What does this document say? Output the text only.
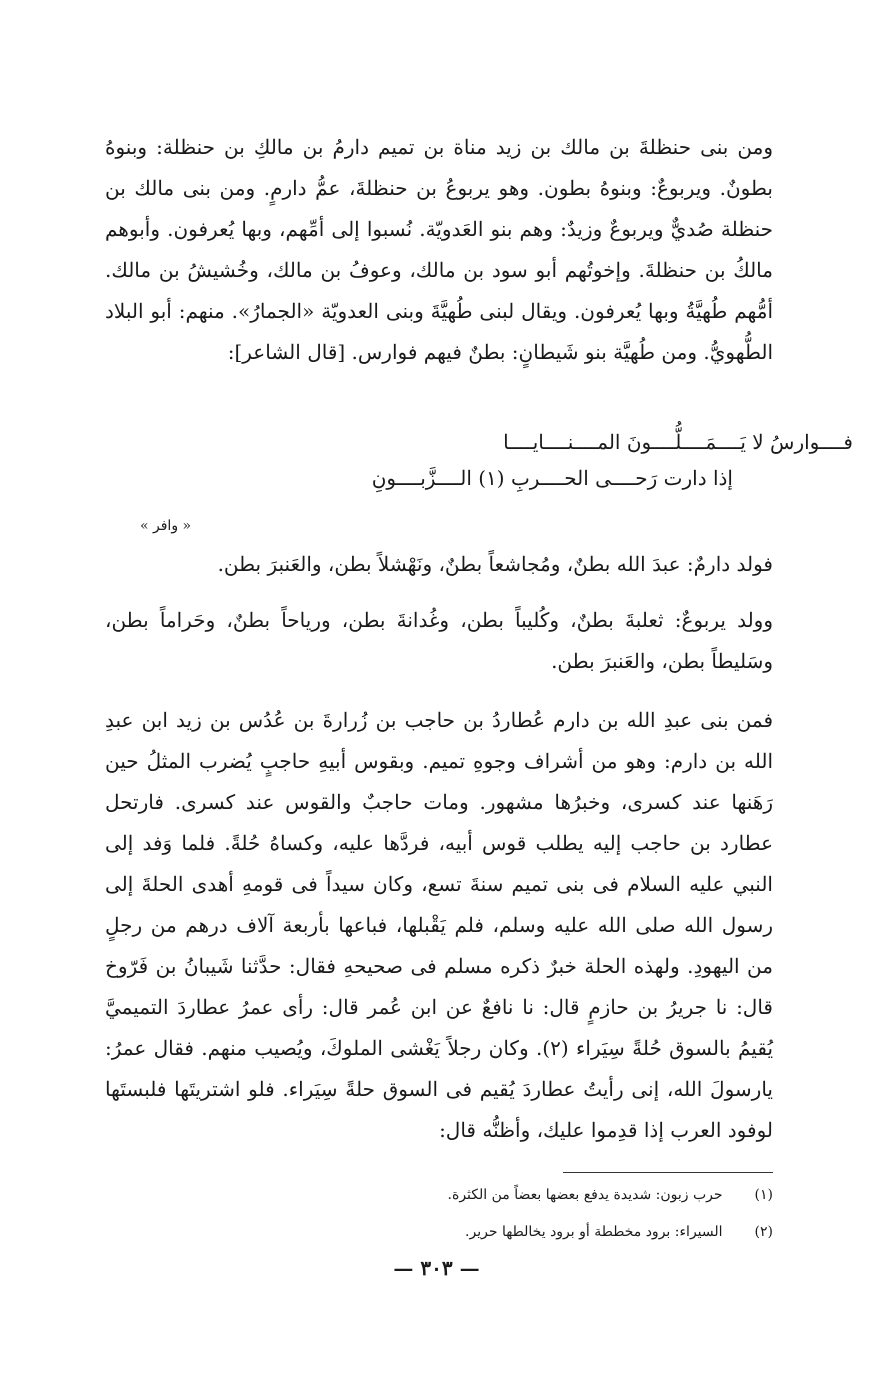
ومن بنى حنظلةَ بن مالك بن زيد مناة بن تميم دارمُ بن مالكِ بن حنظلة: وبنوهُ بطونٌ. ويربوعٌ: وبنوهُ بطون. وهو يربوعُ بن حنظلةَ، عمُّ دارمٍ. ومن بنى مالك بن حنظلة صُديٌّ ويربوعٌ وزيدٌ: وهم بنو العَدويّة. نُسبوا إلى أمِّهم، وبها يُعرفون. وأبوهم مالكُ بن حنظلةَ. وإخوتُهم أبو سود بن مالك، وعوفُ بن مالك، وخُشيشُ بن مالك. أمُّهم طُهيَّةُ وبها يُعرفون. ويقال لبنى طُهيَّةَ وبنى العدويّة «الجمارُ». منهم: أبو البلاد الطُّهويُّ. ومن طُهيَّة بنو شَيطانٍ: بطنٌ فيهم فوارس. [قال الشاعر]:

فــــوارسُ لا يَــــمَــــلُّــــونَ المــــنــــايــــا
إذا دارت رَحــــى الحــــربِ (١) الــــزَّبــــونِ
« وافر »

فولد دارمٌ: عبدَ الله بطنٌ، ومُجاشعاً بطنٌ، ونَهْشلاً بطن، والعَنبرَ بطن.

وولد يربوعٌ: ثعلبةَ بطنٌ، وكُليباً بطن، وغُدانةَ بطن، ورياحاً بطنٌ، وحَراماً بطن، وسَليطاً بطن، والعَنبرَ بطن.

فمن بنى عبدِ الله بن دارم عُطاردُ بن حاجب بن زُرارةَ بن عُدُس بن زيد ابن عبدِ الله بن دارم: وهو من أشراف وجوهِ تميم. وبقوس أبيهِ حاجبٍ يُضرب المثلُ حين رَهَنها عند كسرى، وخبرُها مشهور. ومات حاجبٌ والقوس عند كسرى. فارتحل عطارد بن حاجب إليه يطلب قوس أبيه، فردَّها عليه، وكساهُ حُلةً. فلما وَفد إلى النبي عليه السلام فى بنى تميم سنةَ تسع، وكان سيداً فى قومهِ أهدى الحلةَ إلى رسول الله صلى الله عليه وسلم، فلم يَقْبلها، فباعها بأربعة آلاف درهم من رجلٍ من اليهودِ. ولهذه الحلة خبرٌ ذكره مسلم فى صحيحهِ فقال: حدَّثنا شَيبانُ بن فَرّوخ قال: نا جريرُ بن حازمٍ قال: نا نافعٌ عن ابن عُمر قال: رأى عمرُ عطاردَ التميميَّ يُقيمُ بالسوق حُلةً سِيَراء (٢). وكان رجلاً يَغْشى الملوكَ، ويُصيب منهم. فقال عمرُ: يارسولَ الله، إنى رأيتُ عطاردَ يُقيم فى السوق حلةً سِيَراء. فلو اشتريتَها فلبستَها لوفود العرب إذا قدِموا عليك، وأظنُّه قال:

(١) حرب زبون: شديدة يدفع بعضها بعضاً من الكثرة.
(٢) السيراء: برود مخططة أو برود يخالطها حرير.
— ٣٠٣ —
